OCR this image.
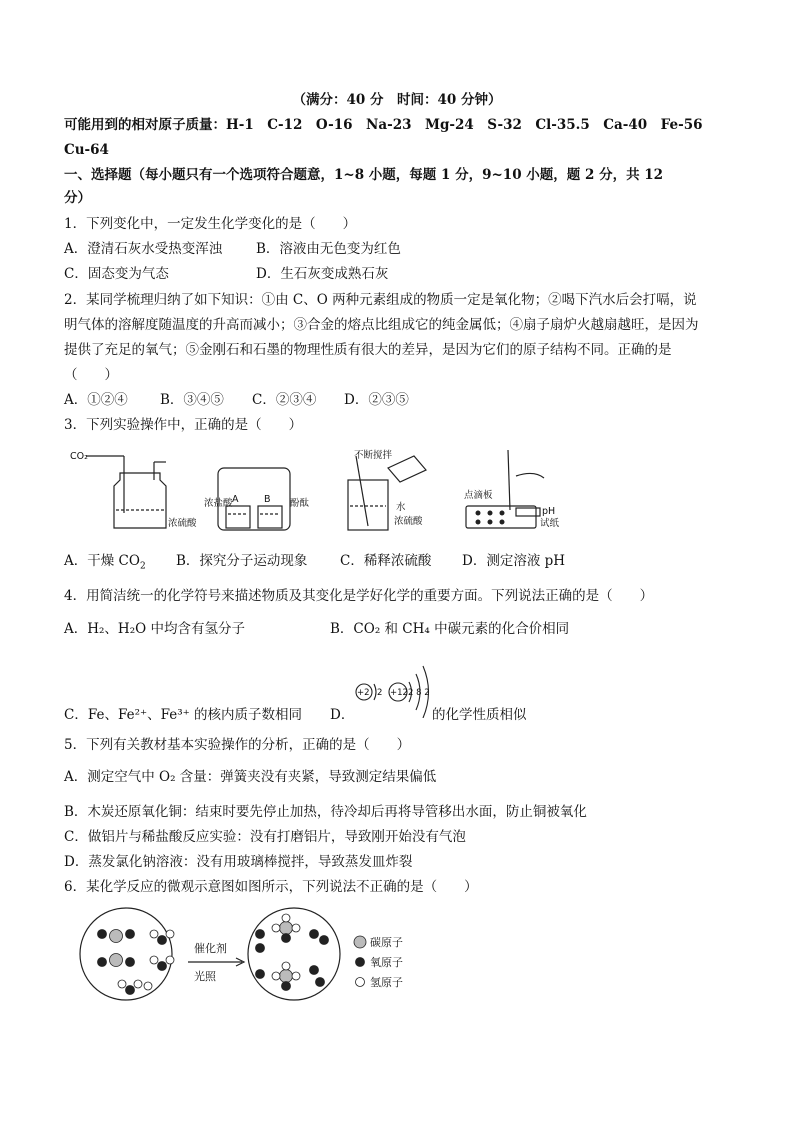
（满分：40 分　时间：40 分钟）
可能用到的相对原子质量：H-1　C-12　O-16　Na-23　Mg-24　S-32　Cl-35.5　Ca-40　Fe-56
Cu-64
一、选择题（每小题只有一个选项符合题意，1~8 小题，每题 1 分，9~10 小题，题 2 分，共 12
分）
1．下列变化中，一定发生化学变化的是（　　）
A．澄清石灰水受热变浑浊	B．溶液由无色变为红色
C．固态变为气态	D．生石灰变成熟石灰
2．某同学梳理归纳了如下知识：①由 C、O 两种元素组成的物质一定是氧化物；②喝下汽水后会打嗝，说
明气体的溶解度随温度的升高而减小；③合金的熔点比组成它的纯金属低；④扇子扇炉火越扇越旺，是因为
提供了充足的氧气；⑤金刚石和石墨的物理性质有很大的差异，是因为它们的原子结构不同。正确的是
（　　）
A．①②④ B．③④⑤ C．②③④ D．②③⑤
3．下列实验操作中，正确的是（　　）
CO₂
浓硫酸
浓盐酸 A	B 酚酞
不断搅拌
水
浓硫酸
点滴板
pH
试纸
A．干燥 $CO_2$ B．探究分子运动现象 C．稀释浓硫酸 D．测定溶液 pH
4．用简洁统一的化学符号来描述物质及其变化是学好化学的重要方面。下列说法正确的是（　　）
A．H₂、H₂O 中均含有氢分子	B．CO₂ 和 CH₄ 中碳元素的化合价相同
+2 2 +12 2 8 2
C．Fe、Fe²⁺、Fe³⁺ 的核内质子数相同 D．	的化学性质相似
5．下列有关教材基本实验操作的分析，正确的是（　　）
A．测定空气中 O₂ 含量：弹簧夹没有夹紧，导致测定结果偏低
B．木炭还原氧化铜：结束时要先停止加热，待冷却后再将导管移出水面，防止铜被氧化
C．做铝片与稀盐酸反应实验：没有打磨铝片，导致刚开始没有气泡
D．蒸发氯化钠溶液：没有用玻璃棒搅拌，导致蒸发皿炸裂
6．某化学反应的微观示意图如图所示，下列说法不正确的是（　　）
催化剂
光照
碳原子
氧原子
氢原子
